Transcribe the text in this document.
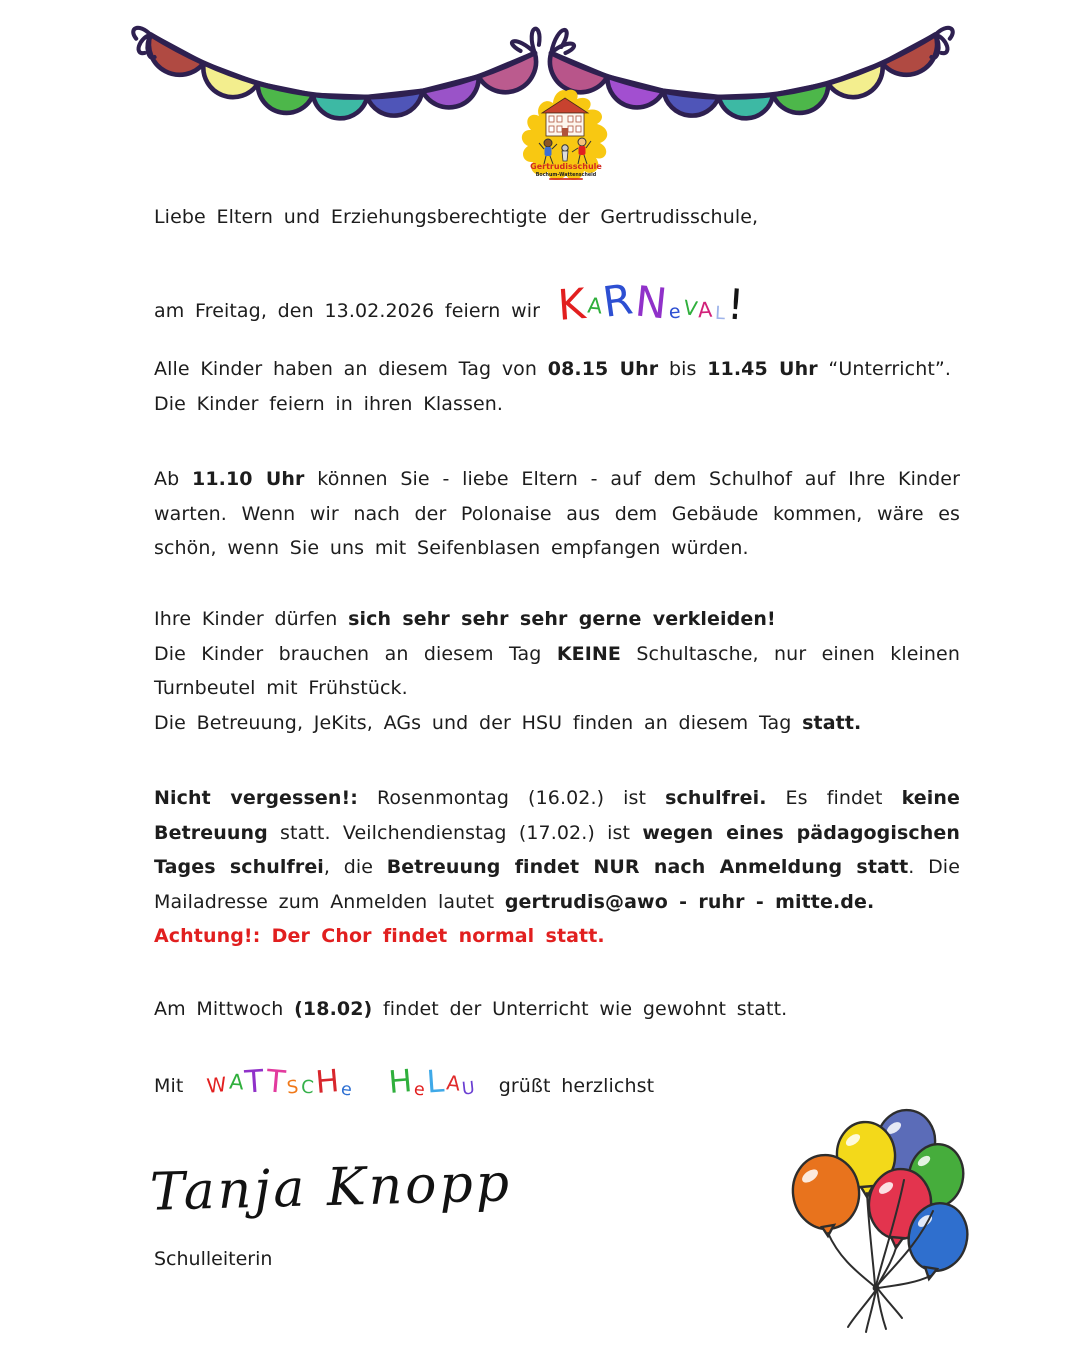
Gertrudisschule
Bochum-Wattenscheid

Liebe Eltern und Erziehungsberechtigte der Gertrudisschule,

am Freitag, den 13.02.2026 feiern wir KARNeVAL!

Alle Kinder haben an diesem Tag von 08.15 Uhr bis 11.45 Uhr “Unterricht”.
Die Kinder feiern in ihren Klassen.

Ab 11.10 Uhr können Sie - liebe Eltern - auf dem Schulhof auf Ihre Kinder warten. Wenn wir nach der Polonaise aus dem Gebäude kommen, wäre es schön, wenn Sie uns mit Seifenblasen empfangen würden.

Ihre Kinder dürfen sich sehr sehr sehr gerne verkleiden!
Die Kinder brauchen an diesem Tag KEINE Schultasche, nur einen kleinen Turnbeutel mit Frühstück.
Die Betreuung, JeKits, AGs und der HSU finden an diesem Tag statt.

Nicht vergessen!: Rosenmontag (16.02.) ist schulfrei. Es findet keine Betreuung statt. Veilchendienstag (17.02.) ist wegen eines pädagogischen Tages schulfrei, die Betreuung findet NUR nach Anmeldung statt. Die Mailadresse zum Anmelden lautet gertrudis@awo - ruhr - mitte.de.
Achtung!: Der Chor findet normal statt.

Am Mittwoch (18.02) findet der Unterricht wie gewohnt statt.

Mit WATTSCHe HeLAU grüßt herzlichst

Tanja Knopp

Schulleiterin
